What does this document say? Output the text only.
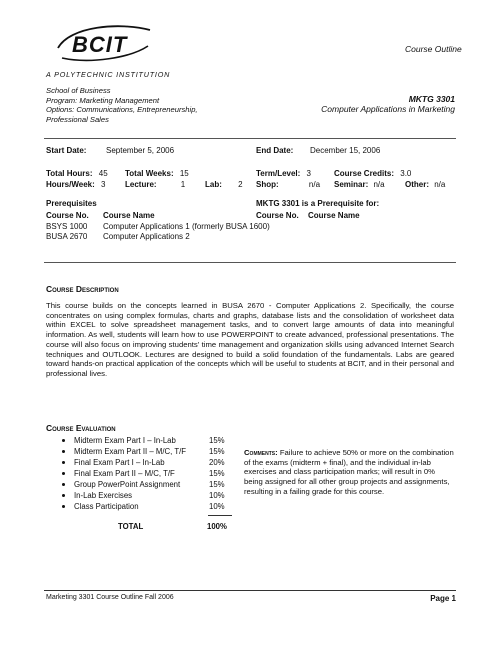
BCIT
A POLYTECHNIC INSTITUTION
Course Outline
School of Business
Program: Marketing Management
Options: Communications, Entrepreneurship,
Professional Sales
MKTG 3301
Computer Applications in Marketing
Start Date: September 5, 2006	End Date: December 15, 2006
Total Hours: 45 Total Weeks: 15	Term/Level: 3	Course Credits: 3.0
Hours/Week: 3 Lecture:	1 Lab: 2 Shop:	n/a Seminar: n/a	Other: n/a
Prerequisites
Course No. Course Name
BSYS 1000 Computer Applications 1 (formerly BUSA 1600)
BUSA 2670 Computer Applications 2
MKTG 3301 is a Prerequisite for:
Course No. Course Name
Course Description
This course builds on the concepts learned in BUSA 2670 - Computer Applications 2. Specifically, the course concentrates on using complex formulas, charts and graphs, database lists and the consolidation of worksheet data within EXCEL to solve spreadsheet management tasks, and to convert large amounts of data into meaningful information. As well, students will learn how to use POWERPOINT to create advanced, professional presentations. The course will also focus on improving students' time management and organization skills using advanced Internet Search techniques and OUTLOOK. Lectures are designed to build a solid foundation of the fundamentals. Labs are geared toward hands-on practical application of the concepts which will be useful to students at BCIT, and in their personal and professional lives.
Course Evaluation
Midterm Exam Part I – In-Lab	15%
Midterm Exam Part II – M/C, T/F	15%
Final Exam Part I – In-Lab	20%
Final Exam Part II – M/C, T/F	15%
Group PowerPoint Assignment	15%
In-Lab Exercises	10%
Class Participation	10%
TOTAL	100%
Comments: Failure to achieve 50% or more on the combination of the exams (midterm + final), and the individual in-lab exercises and class participation marks; will result in 0% being assigned for all other group projects and assignments, resulting in a failing grade for this course.
Marketing 3301 Course Outline Fall 2006	Page 1
